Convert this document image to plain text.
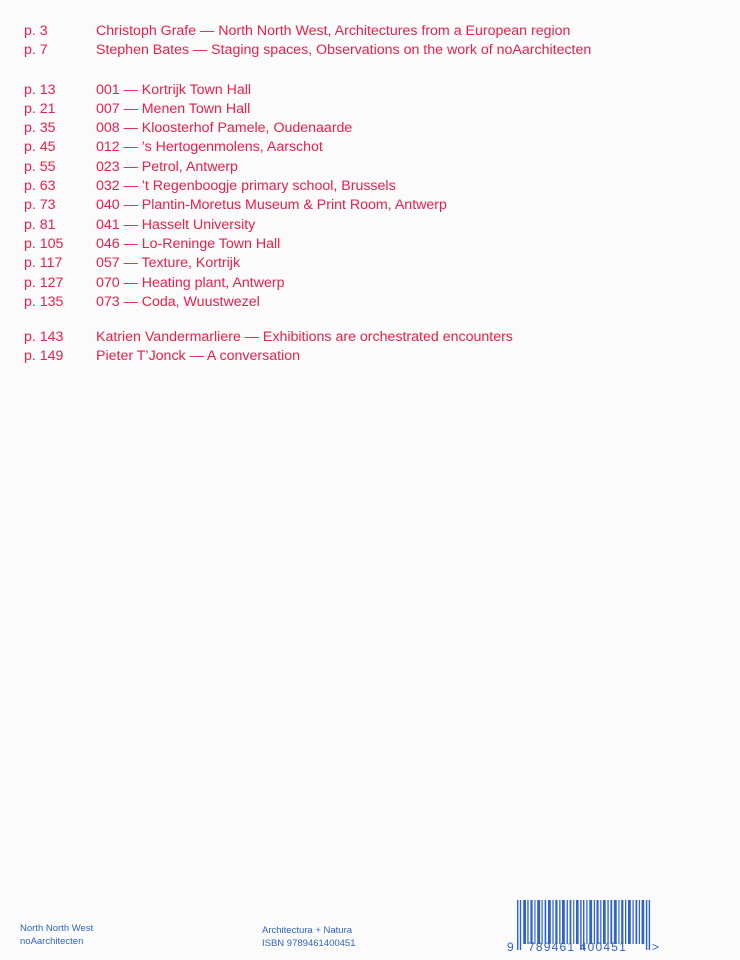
p. 3	Christoph Grafe — North North West, Architectures from a European region
p. 7	Stephen Bates — Staging spaces, Observations on the work of noAarchitecten
p. 13	001 — Kortrijk Town Hall
p. 21	007 — Menen Town Hall
p. 35	008 — Kloosterhof Pamele, Oudenaarde
p. 45	012 — ’s Hertogenmolens, Aarschot
p. 55	023 — Petrol, Antwerp
p. 63	032 — ’t Regenboogje primary school, Brussels
p. 73	040 — Plantin-Moretus Museum & Print Room, Antwerp
p. 81	041 — Hasselt University
p. 105	046 — Lo-Reninge Town Hall
p. 117	057 — Texture, Kortrijk
p. 127	070 — Heating plant, Antwerp
p. 135	073 — Coda, Wuustwezel
p. 143	Katrien Vandermarliere — Exhibitions are orchestrated encounters
p. 149	Pieter T’Jonck — A conversation
North North West
noAarchitecten
Architectura + Natura
ISBN 9789461400451	9 789461 400451 >
